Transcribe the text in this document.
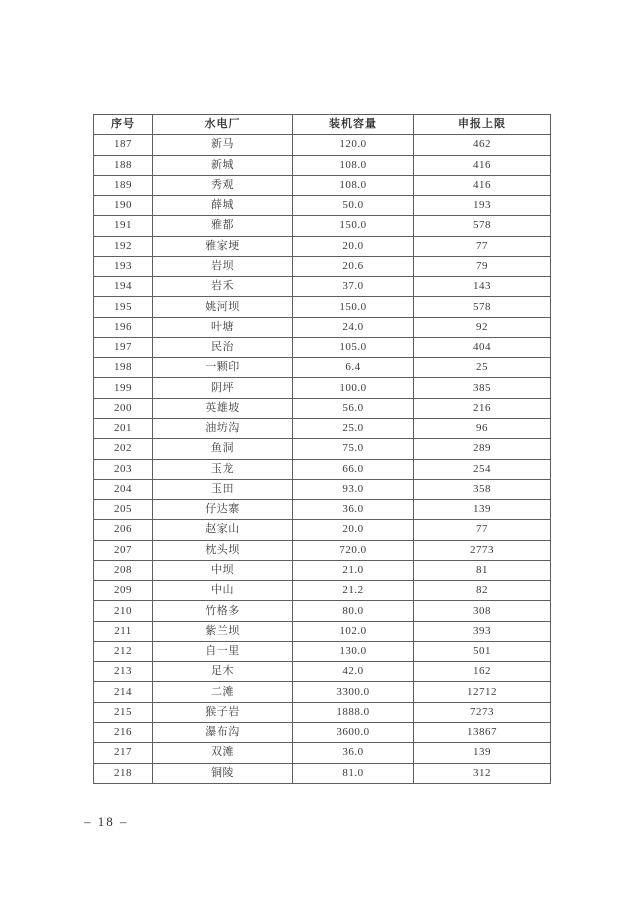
序号	水电厂	装机容量	申报上限
187	新马	120.0	462
188	新城	108.0	416
189	秀观	108.0	416
190	薛城	50.0	193
191	雅都	150.0	578
192	雅家埂	20.0	77
193	岩坝	20.6	79
194	岩禾	37.0	143
195	姚河坝	150.0	578
196	叶塘	24.0	92
197	民治	105.0	404
198	一颗印	6.4	25
199	阴坪	100.0	385
200	英雄坡	56.0	216
201	油坊沟	25.0	96
202	鱼洞	75.0	289
203	玉龙	66.0	254
204	玉田	93.0	358
205	仔达寨	36.0	139
206	赵家山	20.0	77
207	枕头坝	720.0	2773
208	中坝	21.0	81
209	中山	21.2	82
210	竹格多	80.0	308
211	紫兰坝	102.0	393
212	自一里	130.0	501
213	足木	42.0	162
214	二滩	3300.0	12712
215	猴子岩	1888.0	7273
216	瀑布沟	3600.0	13867
217	双滩	36.0	139
218	铜陵	81.0	312
– 18 –
